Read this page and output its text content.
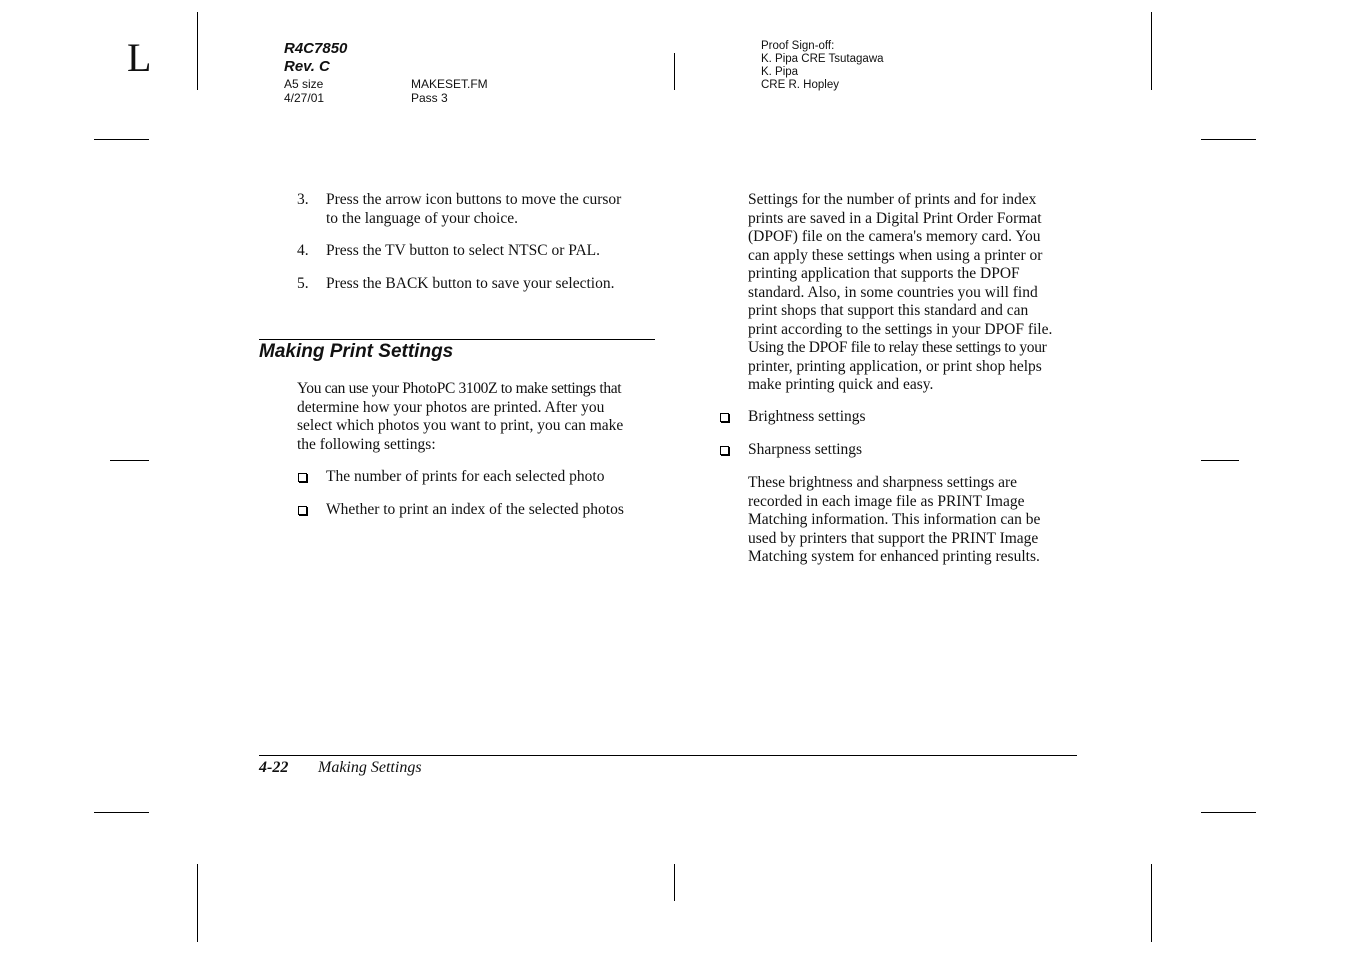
L	R4C7850
Rev. C
A5 size
4/27/01
MAKESET.FM
Pass 3
Proof Sign-off:
K. Pipa CRE Tsutagawa
K. Pipa
CRE R. Hopley
3. Press the arrow icon buttons to move the cursor
to the language of your choice.
4. Press the TV button to select NTSC or PAL.
5. Press the BACK button to save your selection.
Making Print Settings
You can use your PhotoPC 3100Z to make settings that
determine how your photos are printed. After you
select which photos you want to print, you can make
the following settings:
The number of prints for each selected photo
Whether to print an index of the selected photos
Settings for the number of prints and for index
prints are saved in a Digital Print Order Format
(DPOF) file on the camera's memory card. You
can apply these settings when using a printer or
printing application that supports the DPOF
standard. Also, in some countries you will find
print shops that support this standard and can
print according to the settings in your DPOF file.
Using the DPOF file to relay these settings to your
printer, printing application, or print shop helps
make printing quick and easy.
Brightness settings
Sharpness settings
These brightness and sharpness settings are
recorded in each image file as PRINT Image
Matching information. This information can be
used by printers that support the PRINT Image
Matching system for enhanced printing results.
4-22 Making Settings
